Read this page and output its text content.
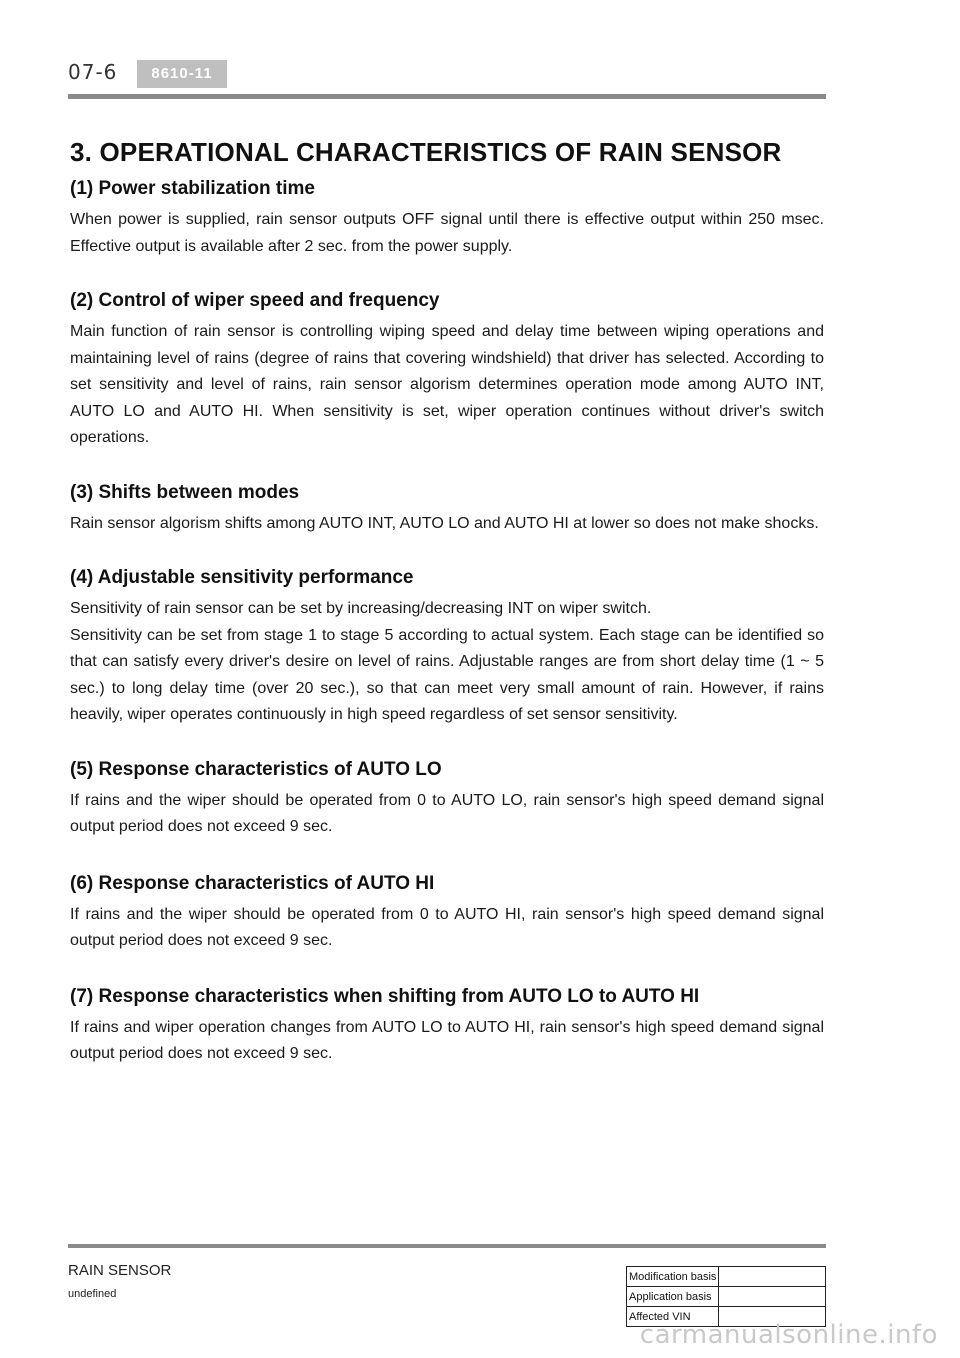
07-6	8610-11
3. OPERATIONAL CHARACTERISTICS OF RAIN SENSOR
(1) Power stabilization time

When power is supplied, rain sensor outputs OFF signal until there is effective output within 250 msec. Effective output is available after 2 sec. from the power supply.

(2) Control of wiper speed and frequency

Main function of rain sensor is controlling wiping speed and delay time between wiping operations and maintaining level of rains (degree of rains that covering windshield) that driver has selected. According to set sensitivity and level of rains, rain sensor algorism determines operation mode among AUTO INT, AUTO LO and AUTO HI. When sensitivity is set, wiper operation continues without driver's switch operations.

(3) Shifts between modes

Rain sensor algorism shifts among AUTO INT, AUTO LO and AUTO HI at lower so does not make shocks.

(4) Adjustable sensitivity performance

Sensitivity of rain sensor can be set by increasing/decreasing INT on wiper switch.

Sensitivity can be set from stage 1 to stage 5 according to actual system. Each stage can be identified so that can satisfy every driver's desire on level of rains. Adjustable ranges are from short delay time (1 ~ 5 sec.) to long delay time (over 20 sec.), so that can meet very small amount of rain. However, if rains heavily, wiper operates continuously in high speed regardless of set sensor sensitivity.

(5) Response characteristics of AUTO LO

If rains and the wiper should be operated from 0 to AUTO LO, rain sensor's high speed demand signal output period does not exceed 9 sec.

(6) Response characteristics of AUTO HI

If rains and the wiper should be operated from 0 to AUTO HI, rain sensor's high speed demand signal output period does not exceed 9 sec.

(7) Response characteristics when shifting from AUTO LO to AUTO HI

If rains and wiper operation changes from AUTO LO to AUTO HI, rain sensor's high speed demand signal output period does not exceed 9 sec.

RAIN SENSOR
undefined
Modification basis	
Application basis	
Affected VIN	
carmanualsonline.info
